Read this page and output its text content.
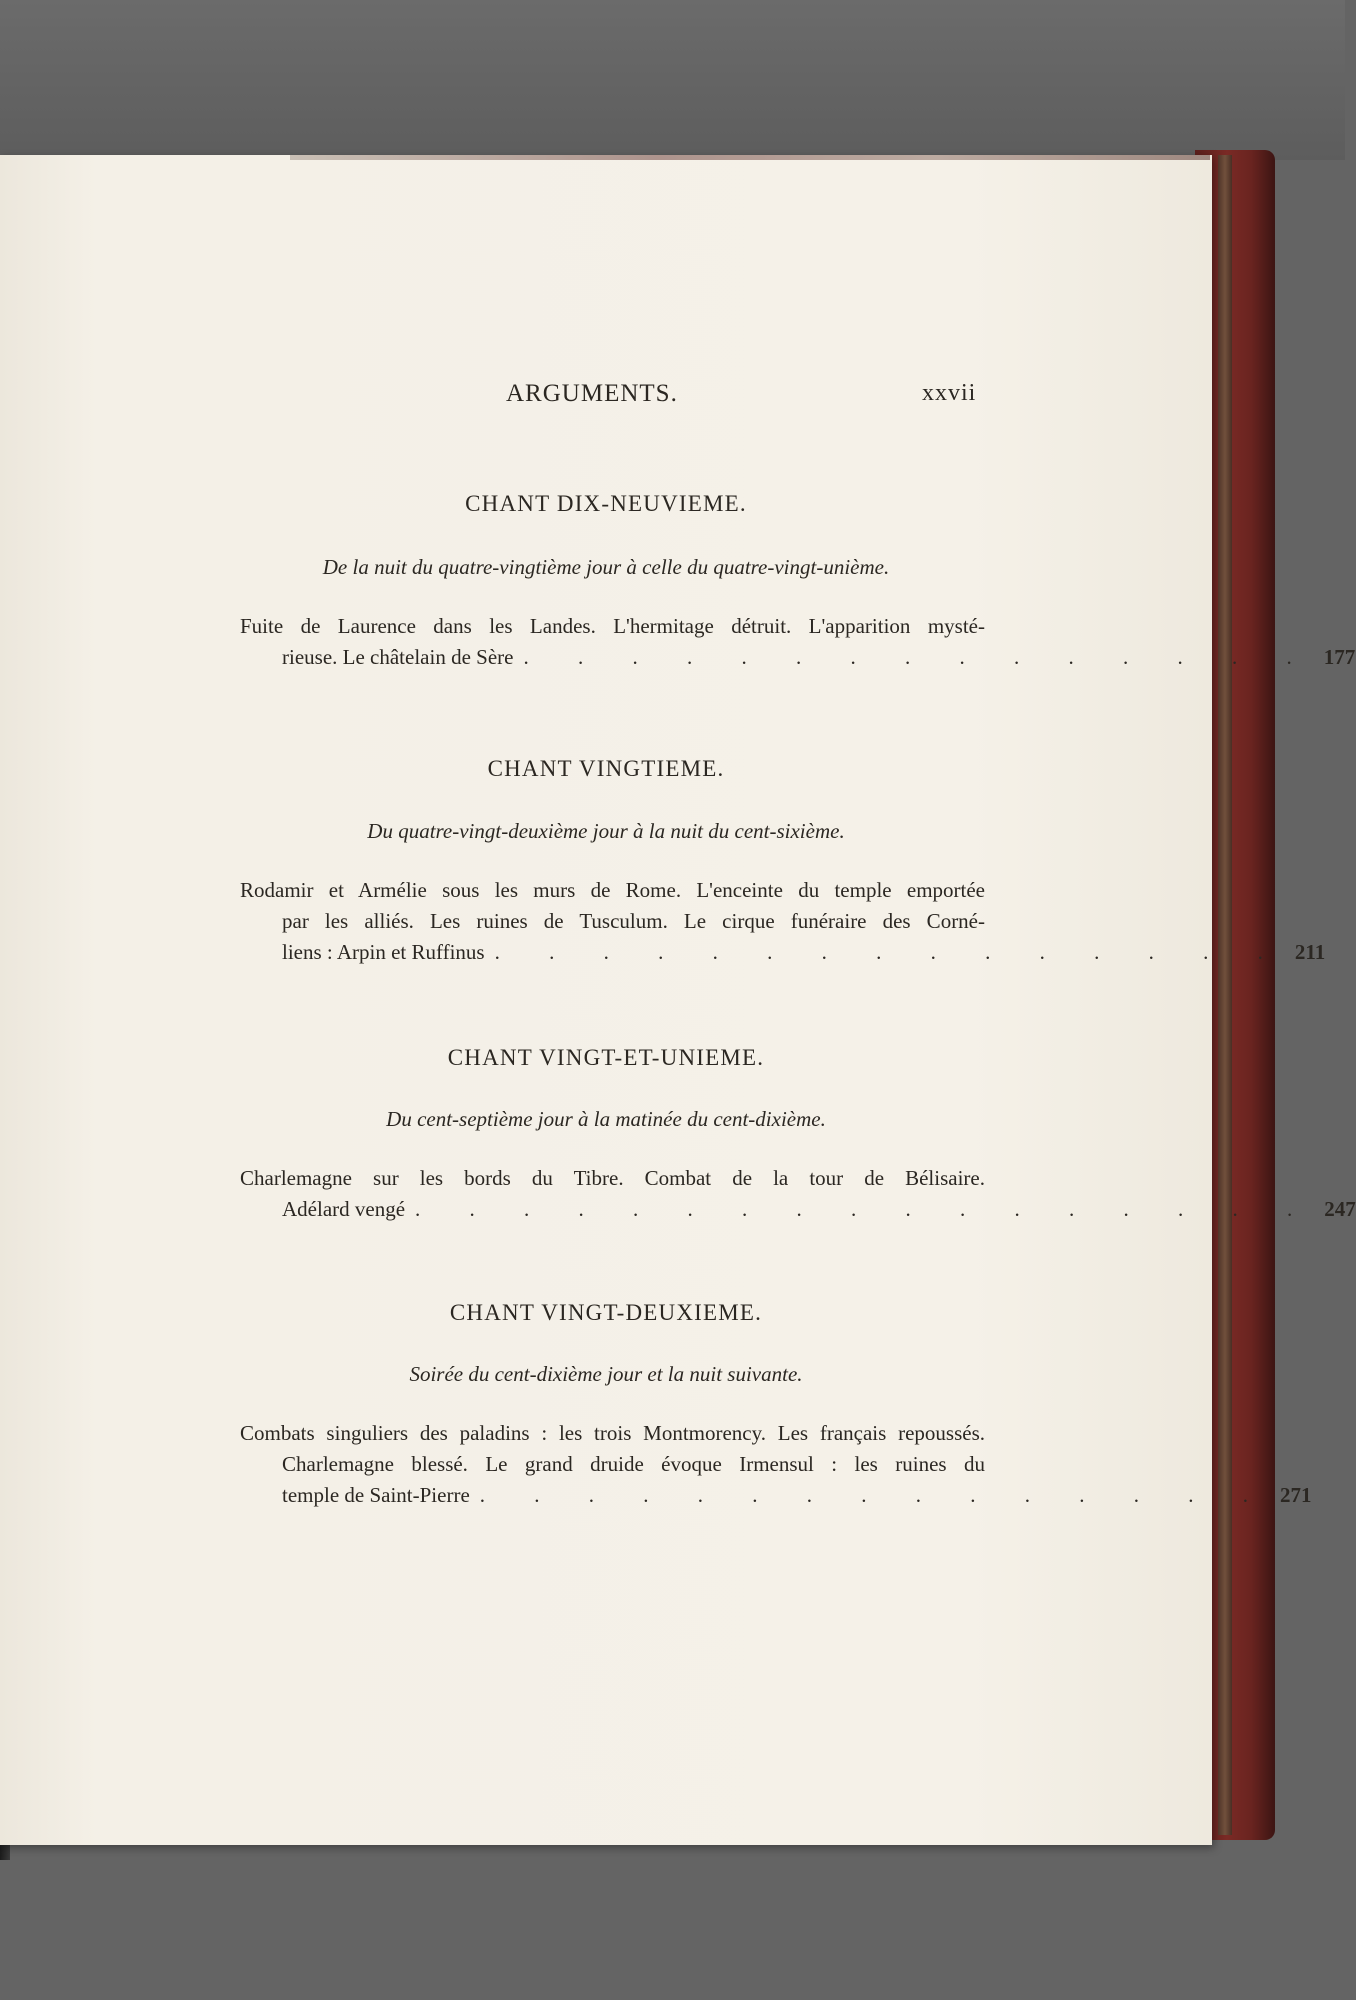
ARGUMENTS.	xxvii
CHANT DIX-NEUVIEME.
De la nuit du quatre-vingtième jour à celle du quatre-vingt-unième.
Fuite de Laurence dans les Landes. L'hermitage détruit. L'apparition mysté-
rieuse. Le châtelain de Sère . . . . . . . . . . . . . . . 177
CHANT VINGTIEME.
Du quatre-vingt-deuxième jour à la nuit du cent-sixième.
Rodamir et Armélie sous les murs de Rome. L'enceinte du temple emportée
par les alliés. Les ruines de Tusculum. Le cirque funéraire des Corné-
liens : Arpin et Ruffinus . . . . . . . . . . . . . . . 211
CHANT VINGT-ET-UNIEME.
Du cent-septième jour à la matinée du cent-dixième.
Charlemagne sur les bords du Tibre. Combat de la tour de Bélisaire.
Adélard vengé . . . . . . . . . . . . . . . . . 247
CHANT VINGT-DEUXIEME.
Soirée du cent-dixième jour et la nuit suivante.
Combats singuliers des paladins : les trois Montmorency. Les français repoussés.
Charlemagne blessé. Le grand druide évoque Irmensul : les ruines du
temple de Saint-Pierre . . . . . . . . . . . . . . . 271
